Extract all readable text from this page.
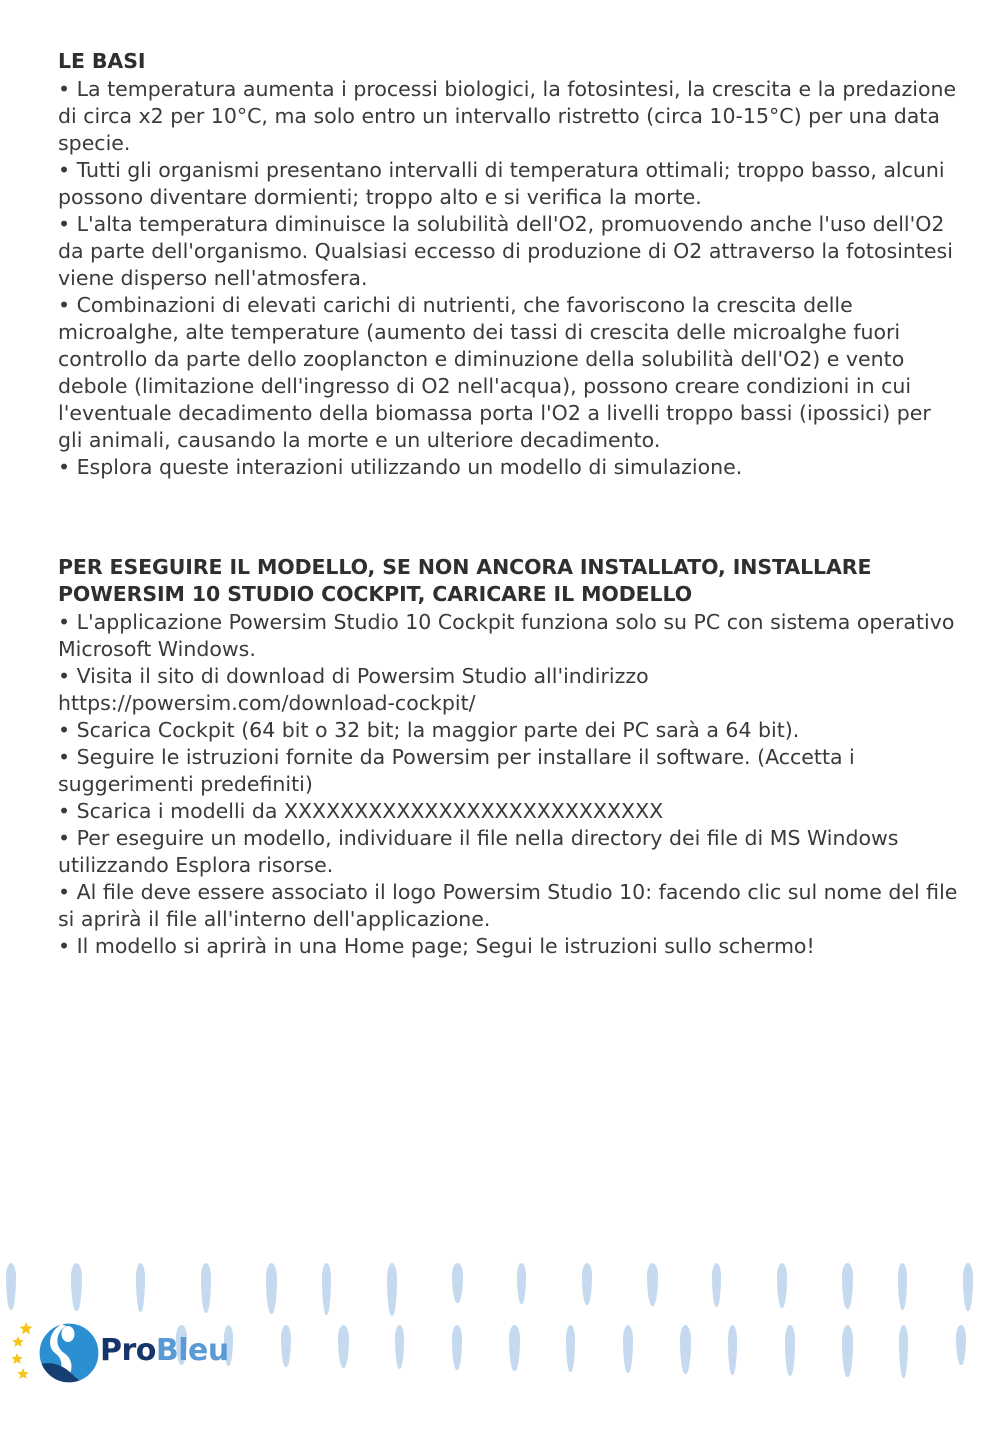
LE BASI

• La temperatura aumenta i processi biologici, la fotosintesi, la crescita e la predazione di circa x2 per 10°C, ma solo entro un intervallo ristretto (circa 10-15°C) per una data specie.

• Tutti gli organismi presentano intervalli di temperatura ottimali; troppo basso, alcuni possono diventare dormienti; troppo alto e si verifica la morte.

• L'alta temperatura diminuisce la solubilità dell'O2, promuovendo anche l'uso dell'O2 da parte dell'organismo. Qualsiasi eccesso di produzione di O2 attraverso la fotosintesi viene disperso nell'atmosfera.

• Combinazioni di elevati carichi di nutrienti, che favoriscono la crescita delle microalghe, alte temperature (aumento dei tassi di crescita delle microalghe fuori controllo da parte dello zooplancton e diminuzione della solubilità dell'O2) e vento debole (limitazione dell'ingresso di O2 nell'acqua), possono creare condizioni in cui l'eventuale decadimento della biomassa porta l'O2 a livelli troppo bassi (ipossici) per gli animali, causando la morte e un ulteriore decadimento.

• Esplora queste interazioni utilizzando un modello di simulazione.

PER ESEGUIRE IL MODELLO, SE NON ANCORA INSTALLATO, INSTALLARE POWERSIM 10 STUDIO COCKPIT, CARICARE IL MODELLO

• L'applicazione Powersim Studio 10 Cockpit funziona solo su PC con sistema operativo Microsoft Windows.

• Visita il sito di download di Powersim Studio all'indirizzo https://powersim.com/download-cockpit/

• Scarica Cockpit (64 bit o 32 bit; la maggior parte dei PC sarà a 64 bit).

• Seguire le istruzioni fornite da Powersim per installare il software. (Accetta i suggerimenti predefiniti)

• Scarica i modelli da XXXXXXXXXXXXXXXXXXXXXXXXXXX

• Per eseguire un modello, individuare il file nella directory dei file di MS Windows utilizzando Esplora risorse.

• Al file deve essere associato il logo Powersim Studio 10: facendo clic sul nome del file si aprirà il file all'interno dell'applicazione.

• Il modello si aprirà in una Home page; Segui le istruzioni sullo schermo!

ProBleu
